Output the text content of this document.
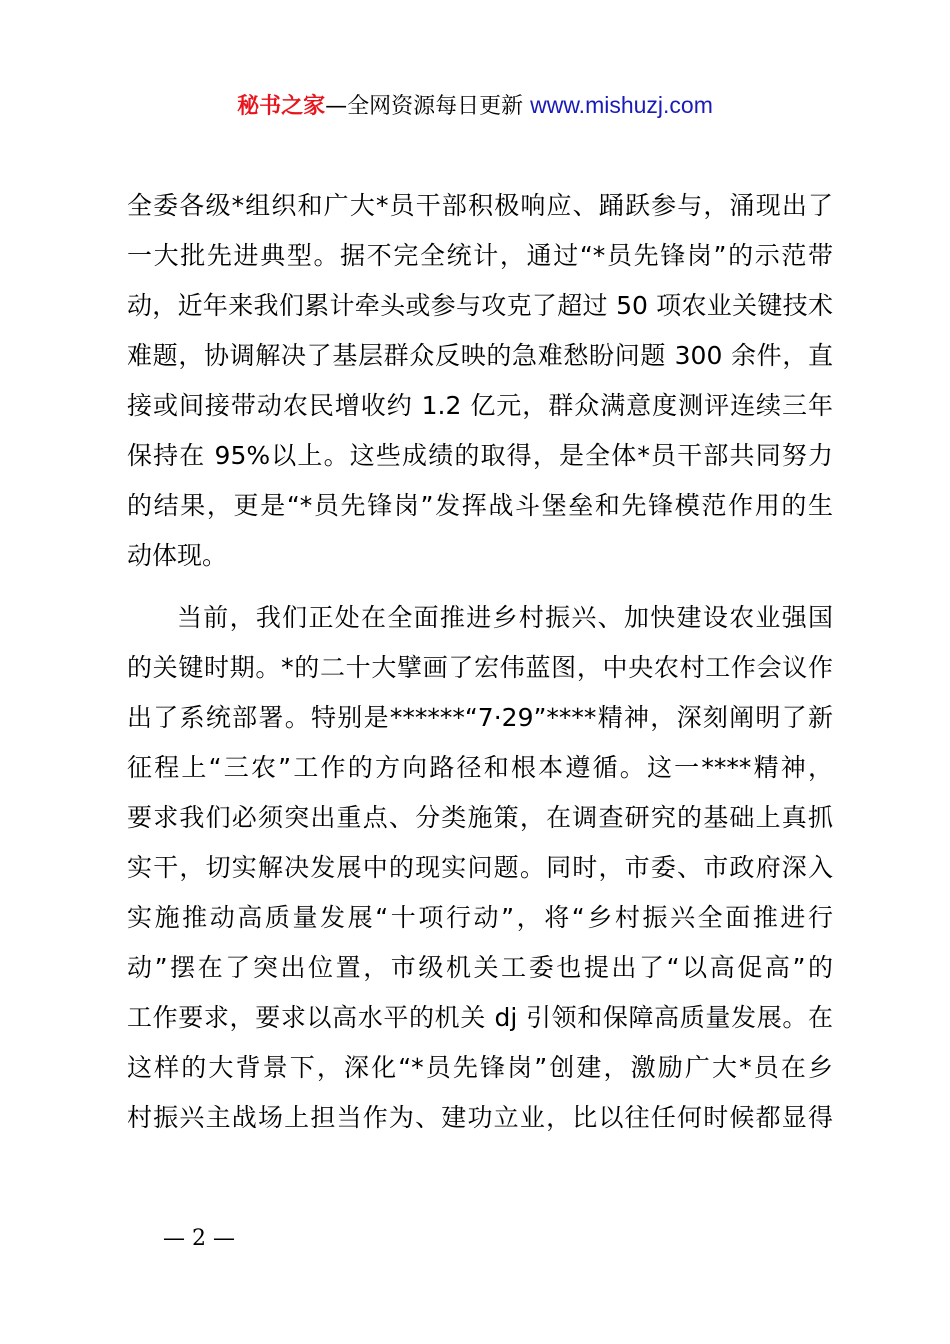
秘书之家—全网资源每日更新 www.mishuzj.com
全委各级*组织和广大*员干部积极响应、踊跃参与，涌现出了
一大批先进典型。据不完全统计，通过“*员先锋岗”的示范带
动，近年来我们累计牵头或参与攻克了超过 50 项农业关键技术
难题，协调解决了基层群众反映的急难愁盼问题 300 余件，直
接或间接带动农民增收约 1.2 亿元，群众满意度测评连续三年
保持在 95%以上。这些成绩的取得，是全体*员干部共同努力
的结果，更是“*员先锋岗”发挥战斗堡垒和先锋模范作用的生
动体现。
当前，我们正处在全面推进乡村振兴、加快建设农业强国
的关键时期。*的二十大擘画了宏伟蓝图，中央农村工作会议作
出了系统部署。特别是******“7·29”****精神，深刻阐明了新
征程上“三农”工作的方向路径和根本遵循。这一****精神，
要求我们必须突出重点、分类施策，在调查研究的基础上真抓
实干，切实解决发展中的现实问题。同时，市委、市政府深入
实施推动高质量发展“十项行动”，将“乡村振兴全面推进行
动”摆在了突出位置，市级机关工委也提出了“以高促高”的
工作要求，要求以高水平的机关 dj 引领和保障高质量发展。在
这样的大背景下，深化“*员先锋岗”创建，激励广大*员在乡
村振兴主战场上担当作为、建功立业，比以往任何时候都显得
— 2 —
